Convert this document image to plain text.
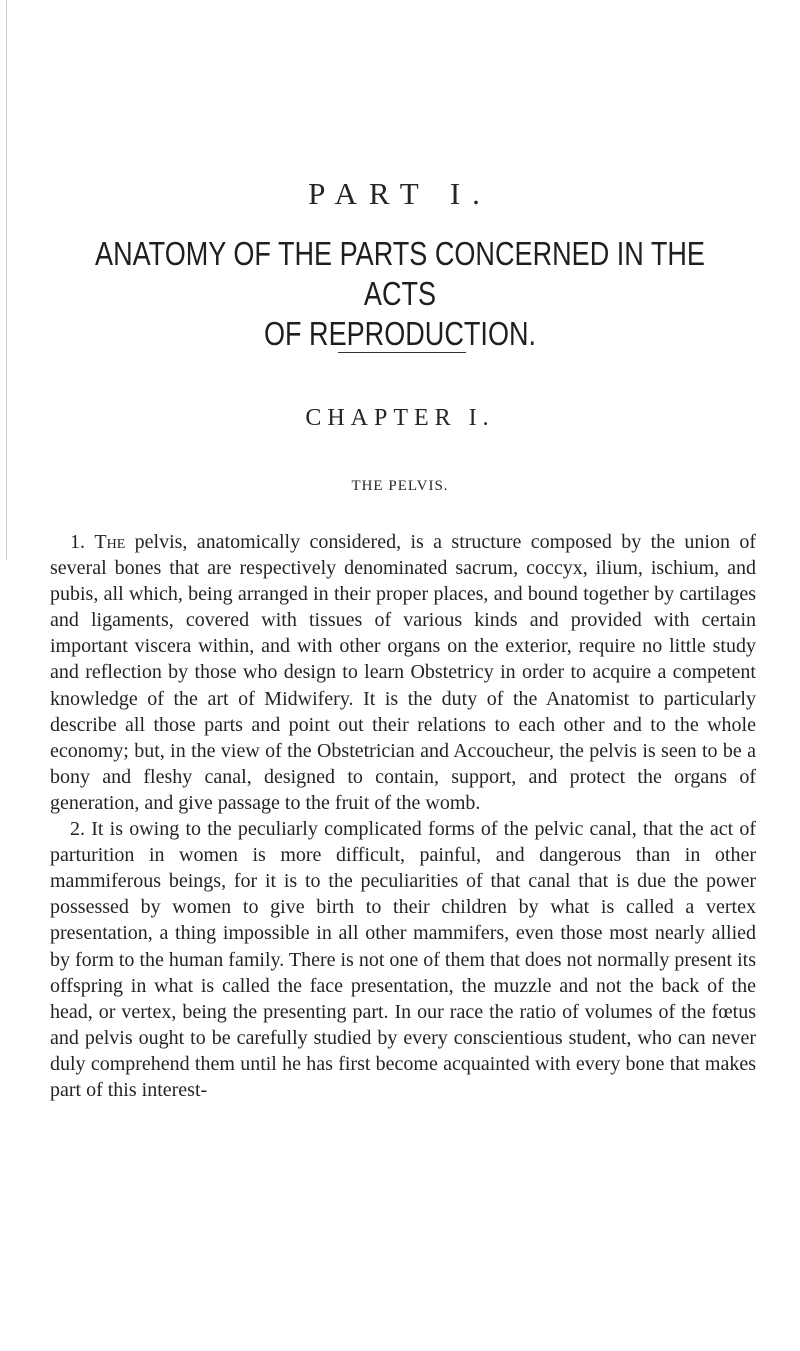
PART I.
ANATOMY OF THE PARTS CONCERNED IN THE ACTS
OF REPRODUCTION.
CHAPTER I.
THE PELVIS.

1. The pelvis, anatomically considered, is a structure composed by the union of several bones that are respectively denominated sacrum, coccyx, ilium, ischium, and pubis, all which, being arranged in their proper places, and bound together by cartilages and ligaments, covered with tissues of various kinds and provided with certain important viscera within, and with other organs on the exterior, require no little study and reflection by those who design to learn Obstetricy in order to acquire a competent knowledge of the art of Midwifery. It is the duty of the Anatomist to particularly describe all those parts and point out their relations to each other and to the whole economy; but, in the view of the Obstetrician and Accoucheur, the pelvis is seen to be a bony and fleshy canal, designed to contain, support, and protect the organs of generation, and give passage to the fruit of the womb.

2. It is owing to the peculiarly complicated forms of the pelvic canal, that the act of parturition in women is more difficult, painful, and dangerous than in other mammiferous beings, for it is to the peculiarities of that canal that is due the power possessed by women to give birth to their children by what is called a vertex presentation, a thing impossible in all other mammifers, even those most nearly allied by form to the human family. There is not one of them that does not normally present its offspring in what is called the face presentation, the muzzle and not the back of the head, or vertex, being the presenting part. In our race the ratio of volumes of the fœtus and pelvis ought to be carefully studied by every conscientious student, who can never duly comprehend them until he has first become acquainted with every bone that makes part of this interest-
